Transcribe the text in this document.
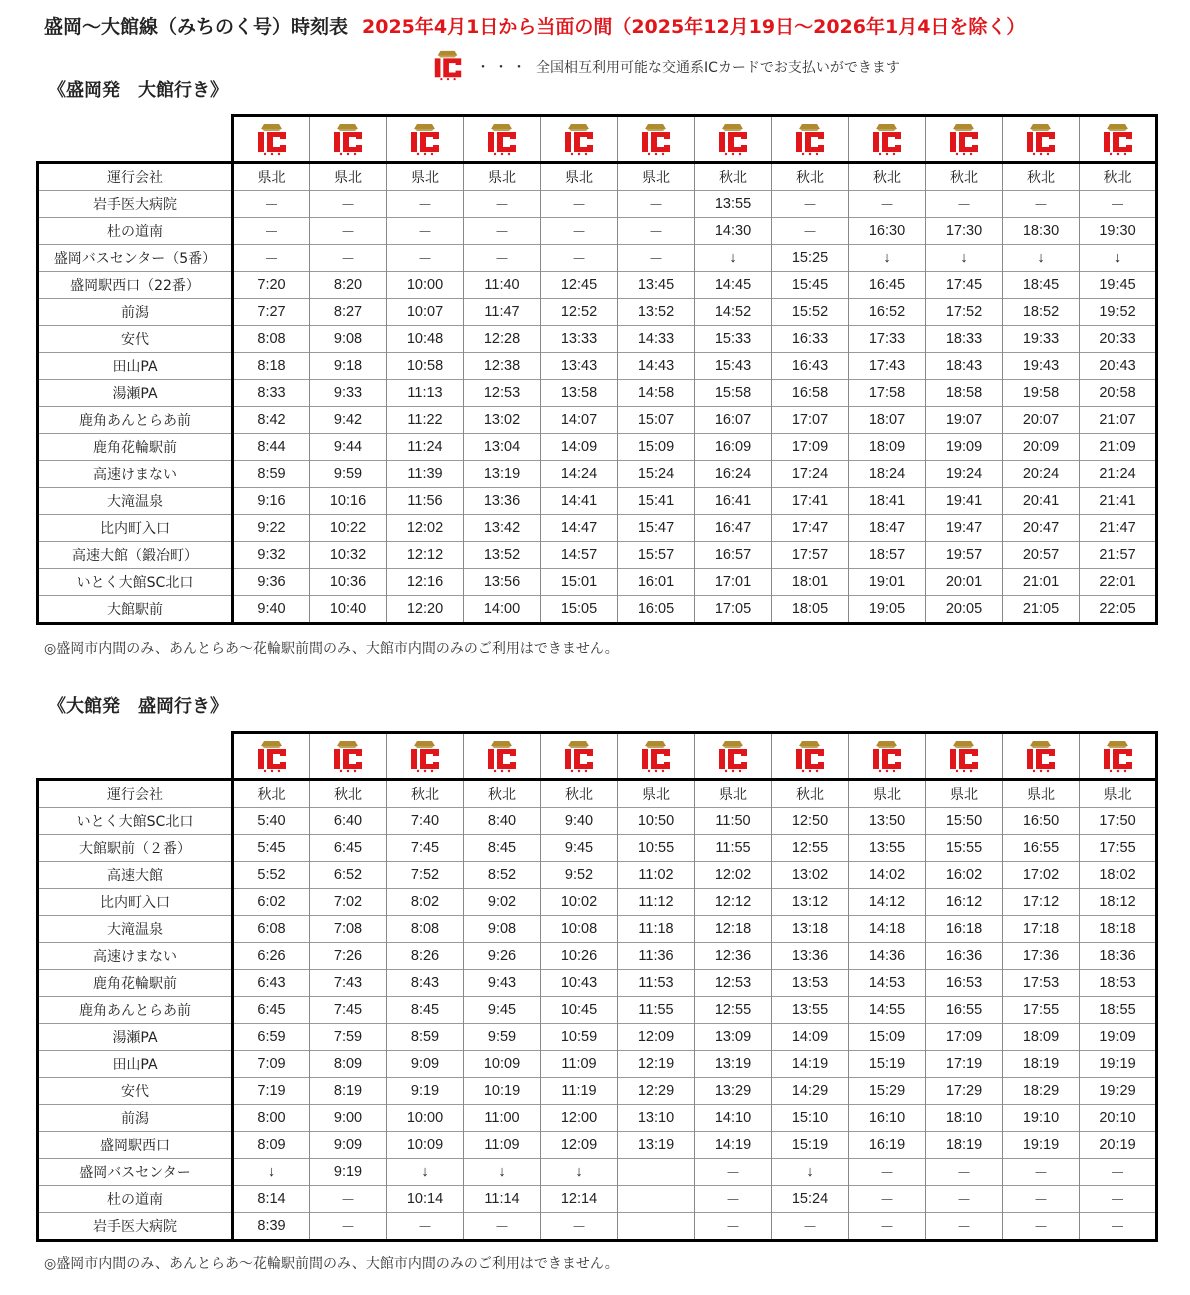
盛岡～大館線（みちのく号）時刻表 2025年4月1日から当面の間（2025年12月19日～2026年1月4日を除く）
・・・ 全国相互利用可能な交通系ICカードでお支払いができます
《盛岡発　大館行き》

運行会社	県北	県北	県北	県北	県北	県北	秋北	秋北	秋北	秋北	秋北	秋北
岩手医大病院	－	－	－	－	－	－	13:55	－	－	－	－	－
杜の道南	－	－	－	－	－	－	14:30	－	16:30	17:30	18:30	19:30
盛岡バスセンター（5番）	－	－	－	－	－	－	↓	15:25	↓	↓	↓	↓
盛岡駅西口（22番）	7:20	8:20	10:00	11:40	12:45	13:45	14:45	15:45	16:45	17:45	18:45	19:45
前潟	7:27	8:27	10:07	11:47	12:52	13:52	14:52	15:52	16:52	17:52	18:52	19:52
安代	8:08	9:08	10:48	12:28	13:33	14:33	15:33	16:33	17:33	18:33	19:33	20:33
田山PA	8:18	9:18	10:58	12:38	13:43	14:43	15:43	16:43	17:43	18:43	19:43	20:43
湯瀬PA	8:33	9:33	11:13	12:53	13:58	14:58	15:58	16:58	17:58	18:58	19:58	20:58
鹿角あんとらあ前	8:42	9:42	11:22	13:02	14:07	15:07	16:07	17:07	18:07	19:07	20:07	21:07
鹿角花輪駅前	8:44	9:44	11:24	13:04	14:09	15:09	16:09	17:09	18:09	19:09	20:09	21:09
高速けまない	8:59	9:59	11:39	13:19	14:24	15:24	16:24	17:24	18:24	19:24	20:24	21:24
大滝温泉	9:16	10:16	11:56	13:36	14:41	15:41	16:41	17:41	18:41	19:41	20:41	21:41
比内町入口	9:22	10:22	12:02	13:42	14:47	15:47	16:47	17:47	18:47	19:47	20:47	21:47
高速大館（鍛冶町）	9:32	10:32	12:12	13:52	14:57	15:57	16:57	17:57	18:57	19:57	20:57	21:57
いとく大館SC北口	9:36	10:36	12:16	13:56	15:01	16:01	17:01	18:01	19:01	20:01	21:01	22:01
大館駅前	9:40	10:40	12:20	14:00	15:05	16:05	17:05	18:05	19:05	20:05	21:05	22:05
◎盛岡市内間のみ、あんとらあ～花輪駅前間のみ、大館市内間のみのご利用はできません。
《大館発　盛岡行き》

運行会社	秋北	秋北	秋北	秋北	秋北	県北	県北	秋北	県北	県北	県北	県北
いとく大館SC北口	5:40	6:40	7:40	8:40	9:40	10:50	11:50	12:50	13:50	15:50	16:50	17:50
大館駅前（２番）	5:45	6:45	7:45	8:45	9:45	10:55	11:55	12:55	13:55	15:55	16:55	17:55
高速大館	5:52	6:52	7:52	8:52	9:52	11:02	12:02	13:02	14:02	16:02	17:02	18:02
比内町入口	6:02	7:02	8:02	9:02	10:02	11:12	12:12	13:12	14:12	16:12	17:12	18:12
大滝温泉	6:08	7:08	8:08	9:08	10:08	11:18	12:18	13:18	14:18	16:18	17:18	18:18
高速けまない	6:26	7:26	8:26	9:26	10:26	11:36	12:36	13:36	14:36	16:36	17:36	18:36
鹿角花輪駅前	6:43	7:43	8:43	9:43	10:43	11:53	12:53	13:53	14:53	16:53	17:53	18:53
鹿角あんとらあ前	6:45	7:45	8:45	9:45	10:45	11:55	12:55	13:55	14:55	16:55	17:55	18:55
湯瀬PA	6:59	7:59	8:59	9:59	10:59	12:09	13:09	14:09	15:09	17:09	18:09	19:09
田山PA	7:09	8:09	9:09	10:09	11:09	12:19	13:19	14:19	15:19	17:19	18:19	19:19
安代	7:19	8:19	9:19	10:19	11:19	12:29	13:29	14:29	15:29	17:29	18:29	19:29
前潟	8:00	9:00	10:00	11:00	12:00	13:10	14:10	15:10	16:10	18:10	19:10	20:10
盛岡駅西口	8:09	9:09	10:09	11:09	12:09	13:19	14:19	15:19	16:19	18:19	19:19	20:19
盛岡バスセンター	↓	9:19	↓	↓	↓		－	↓	－	－	－	－
杜の道南	8:14	－	10:14	11:14	12:14		－	15:24	－	－	－	－
岩手医大病院	8:39	－	－	－	－		－	－	－	－	－	－
◎盛岡市内間のみ、あんとらあ～花輪駅前間のみ、大館市内間のみのご利用はできません。
